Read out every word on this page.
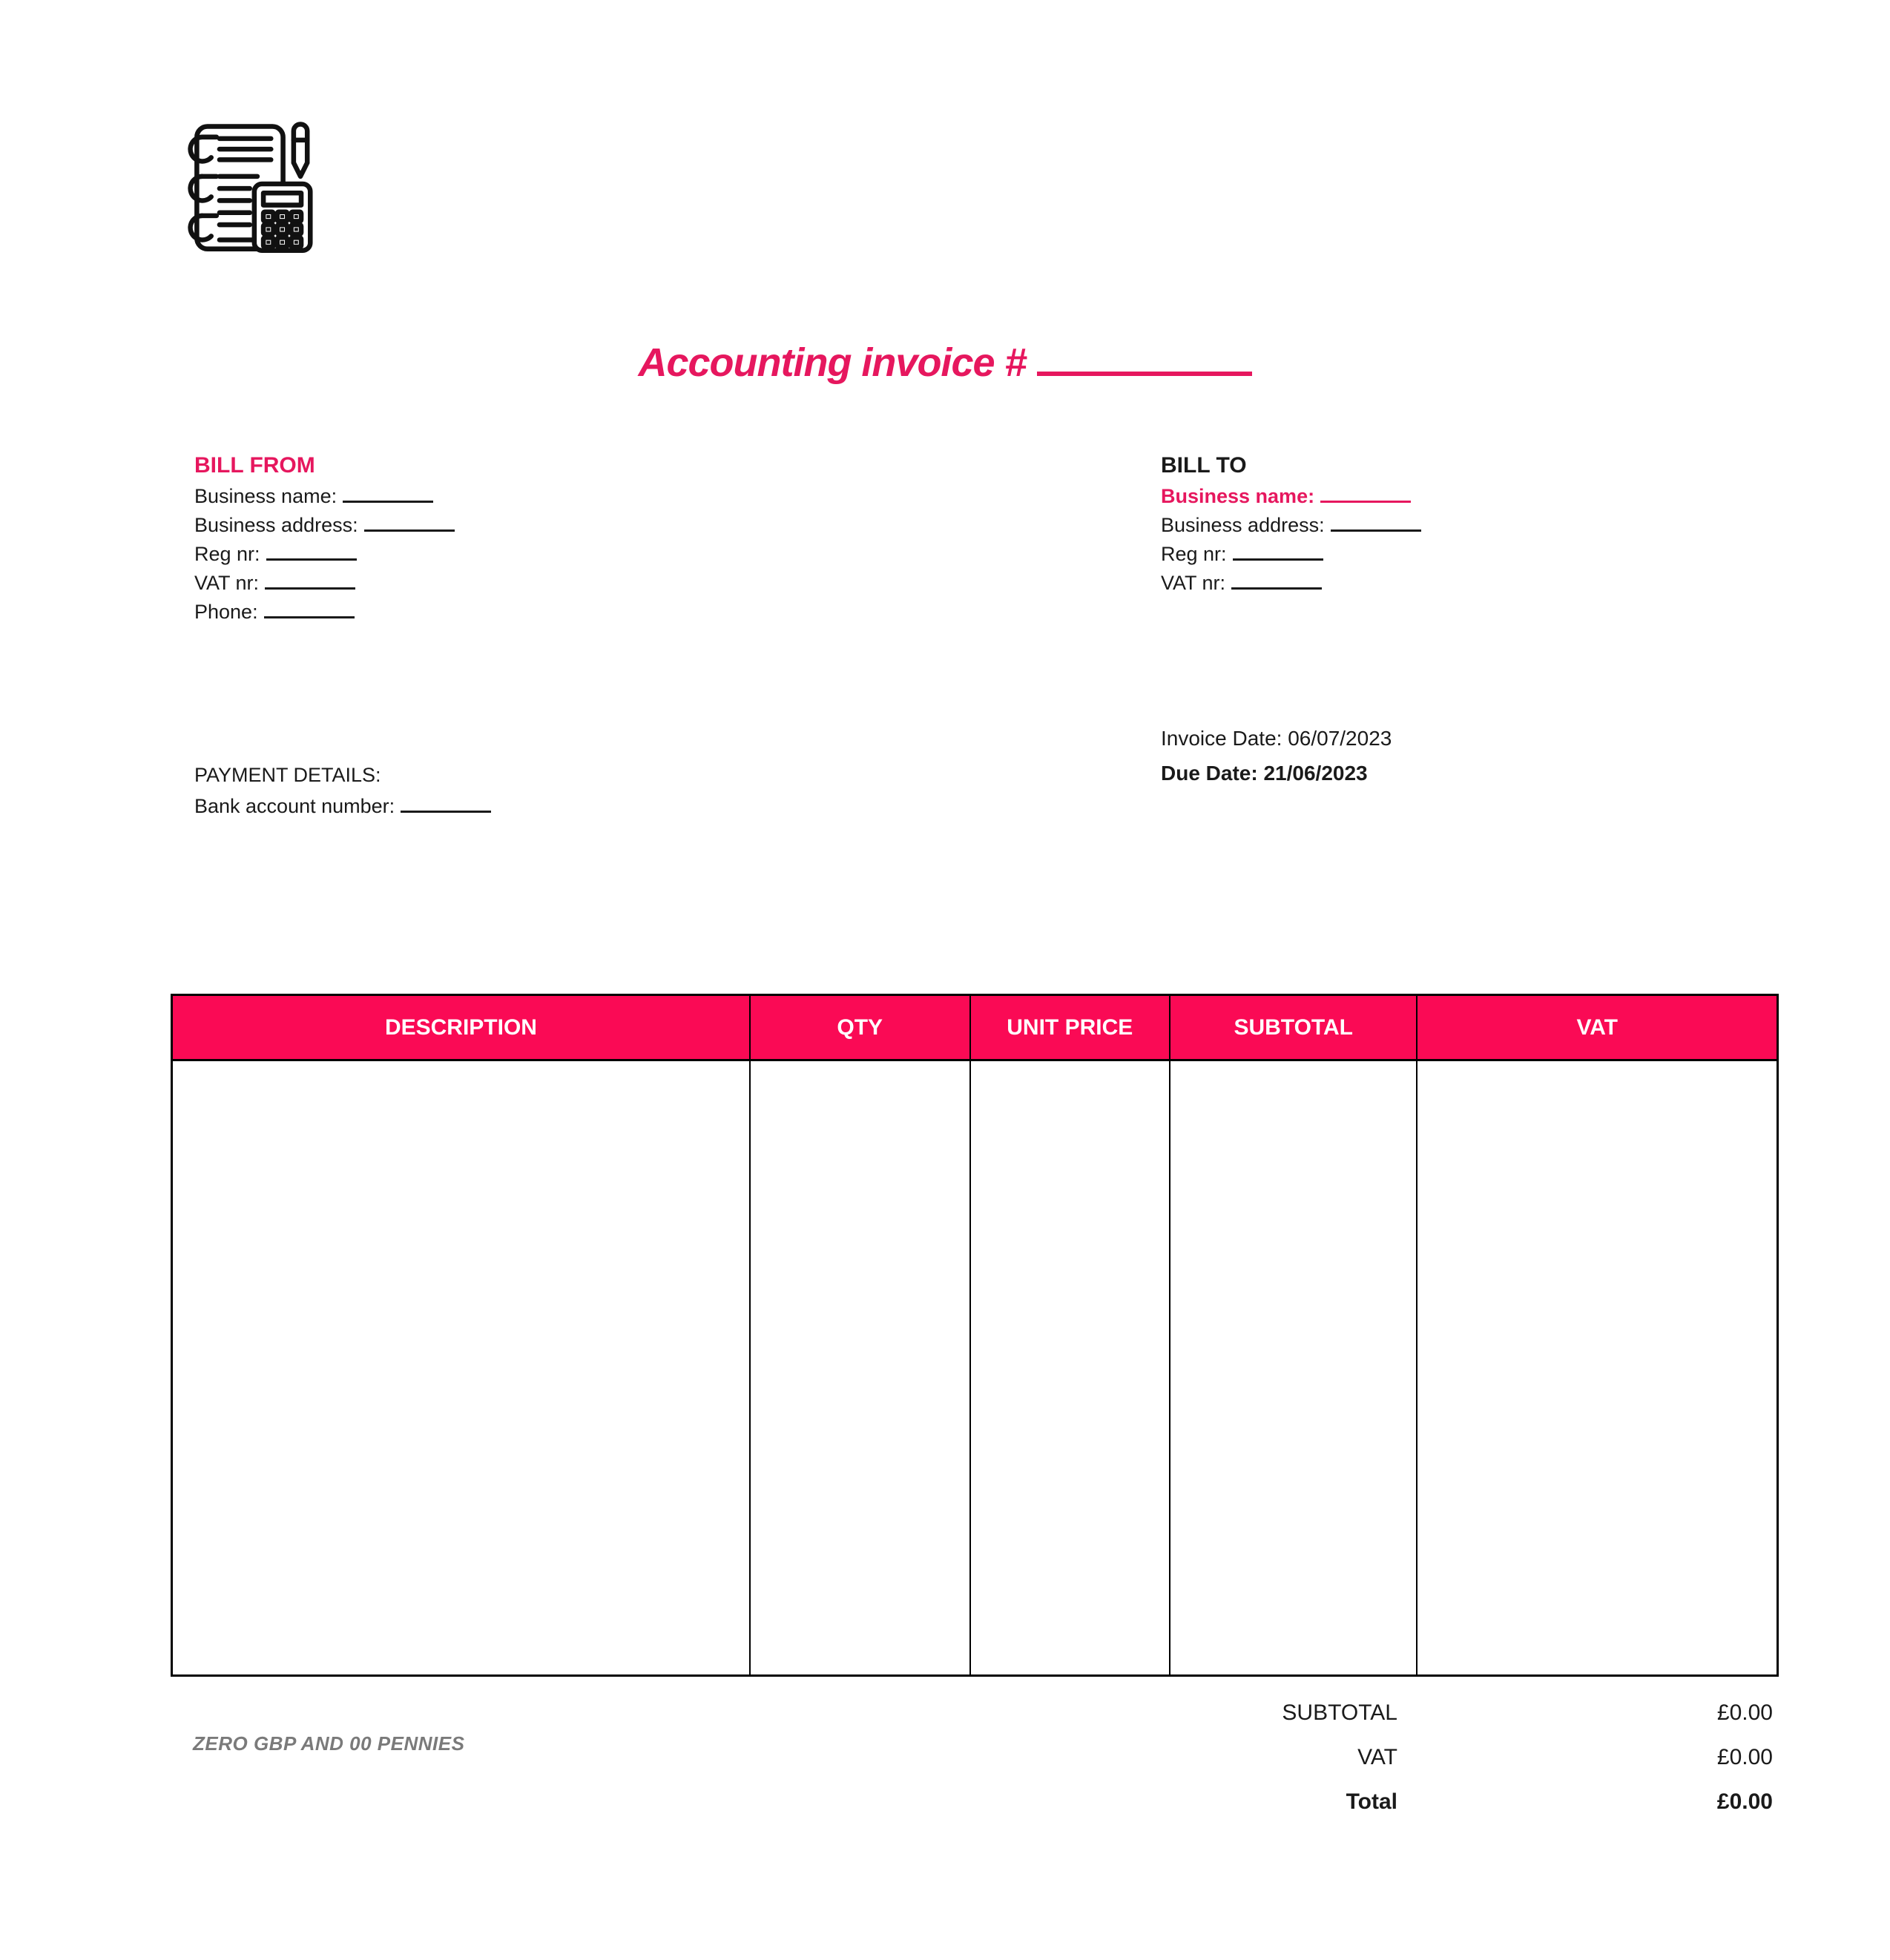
Accounting invoice #
BILL FROM
Business name:
Business address:
Reg nr:
VAT nr:
Phone:
BILL TO
Business name:
Business address:
Reg nr:
VAT nr:
Invoice Date: 06/07/2023
Due Date: 21/06/2023
PAYMENT DETAILS:
Bank account number:
DESCRIPTION	QTY	UNIT PRICE	SUBTOTAL	VAT

SUBTOTAL	£0.00
VAT	£0.00
Total	£0.00
ZERO GBP AND 00 PENNIES
